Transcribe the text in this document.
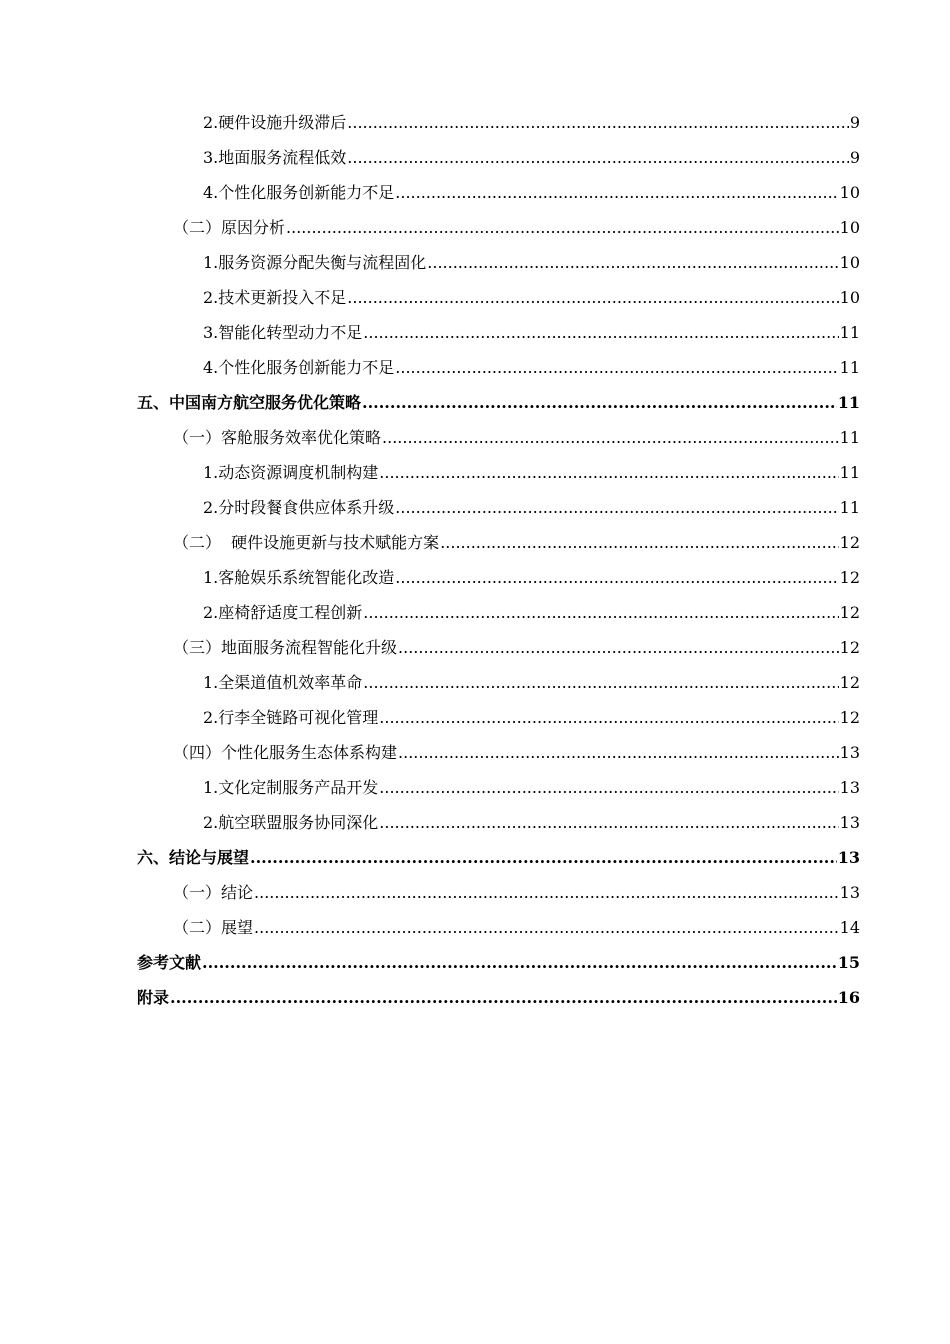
2.硬件设施升级滞后 .....	9
3.地面服务流程低效 .....	9
4.个性化服务创新能力不足 .....	10
（二）原因分析 .....	10
1.服务资源分配失衡与流程固化 .....	10
2.技术更新投入不足 .....	10
3.智能化转型动力不足 .....	11
4.个性化服务创新能力不足 .....	11
五、中国南方航空服务优化策略 .....	11
（一）客舱服务效率优化策略 .....	11
1.动态资源调度机制构建 .....	11
2.分时段餐食供应体系升级 .....	11
（二）  硬件设施更新与技术赋能方案 .....	12
1.客舱娱乐系统智能化改造 .....	12
2.座椅舒适度工程创新 .....	12
（三）地面服务流程智能化升级 .....	12
1.全渠道值机效率革命 .....	12
2.行李全链路可视化管理 .....	12
（四）个性化服务生态体系构建 .....	13
1.文化定制服务产品开发 .....	13
2.航空联盟服务协同深化 .....	13
六、结论与展望 .....	13
（一）结论 .....	13
（二）展望 .....	14
参考文献 .....	15
附录 .....	16
